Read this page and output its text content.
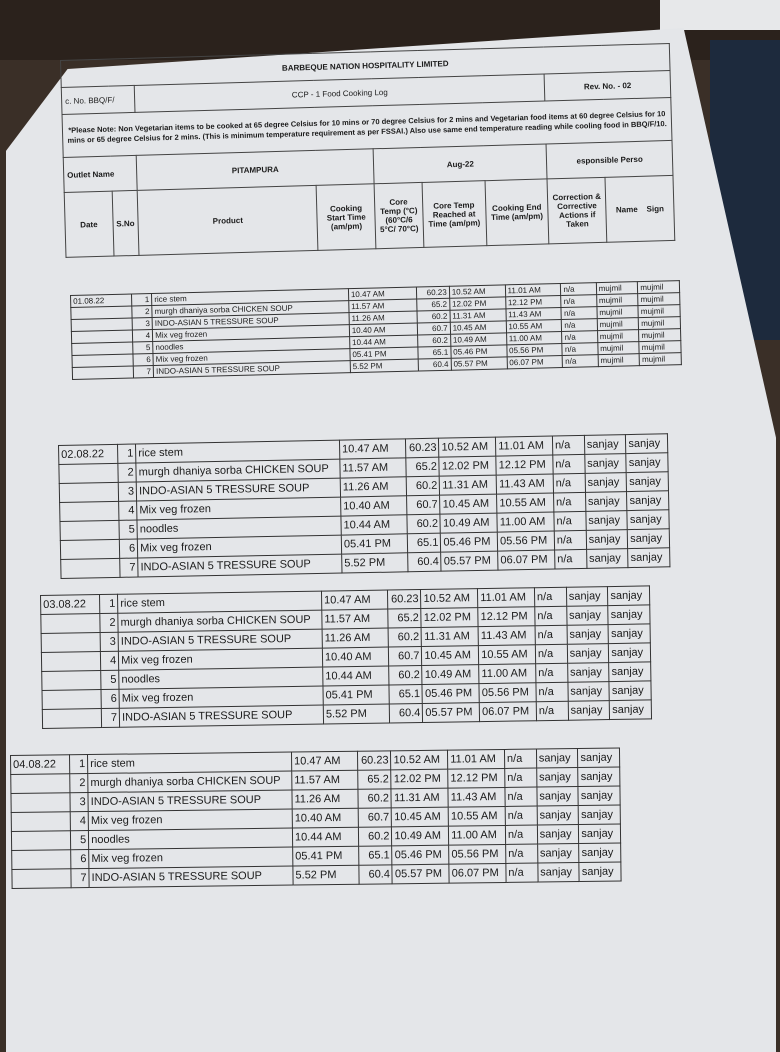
BARBEQUE NATION HOSPITALITY LIMITED								
c. No. BBQ/F/		CCP - 1 Food Cooking Log					Rev. No. - 02	
*Please Note: Non Vegetarian items to be cooked at 65 degree Celsius for 10 mins or 70 degree Celsius for 2 mins and Vegetarian food items at 60 degree Celsius for 10 mins or 65 degree Celsius for 2 mins. (This is minimum temperature requirement as per FSSAI.) Also use same end temperature reading while cooling food in BBQ/F/10.								
Outlet Name		PITAMPURA		Aug-22			esponsible Perso	
Date	S.No	Product	Cooking Start Time (am/pm)	Core Temp (°C) (60°C/6 5°C/ 70°C)	Core Temp Reached at Time (am/pm)	Cooking End Time (am/pm)	Correction & Corrective Actions if Taken	Name Sign
01.08.22	1	rice stem	10.47 AM	60.23	10.52 AM	11.01 AM	n/a	mujmil	mujmil
	2	murgh dhaniya sorba CHICKEN SOUP	11.57 AM	65.2	12.02 PM	12.12 PM	n/a	mujmil	mujmil
	3	INDO-ASIAN 5 TRESSURE SOUP	11.26 AM	60.2	11.31 AM	11.43 AM	n/a	mujmil	mujmil
	4	Mix veg frozen	10.40 AM	60.7	10.45 AM	10.55 AM	n/a	mujmil	mujmil
	5	noodles	10.44 AM	60.2	10.49 AM	11.00 AM	n/a	mujmil	mujmil
	6	Mix veg frozen	05.41 PM	65.1	05.46 PM	05.56 PM	n/a	mujmil	mujmil
	7	INDO-ASIAN 5 TRESSURE SOUP	5.52 PM	60.4	05.57 PM	06.07 PM	n/a	mujmil	mujmil
02.08.22	1	rice stem	10.47 AM	60.23	10.52 AM	11.01 AM	n/a	sanjay	sanjay
	2	murgh dhaniya sorba CHICKEN SOUP	11.57 AM	65.2	12.02 PM	12.12 PM	n/a	sanjay	sanjay
	3	INDO-ASIAN 5 TRESSURE SOUP	11.26 AM	60.2	11.31 AM	11.43 AM	n/a	sanjay	sanjay
	4	Mix veg frozen	10.40 AM	60.7	10.45 AM	10.55 AM	n/a	sanjay	sanjay
	5	noodles	10.44 AM	60.2	10.49 AM	11.00 AM	n/a	sanjay	sanjay
	6	Mix veg frozen	05.41 PM	65.1	05.46 PM	05.56 PM	n/a	sanjay	sanjay
	7	INDO-ASIAN 5 TRESSURE SOUP	5.52 PM	60.4	05.57 PM	06.07 PM	n/a	sanjay	sanjay
03.08.22	1	rice stem	10.47 AM	60.23	10.52 AM	11.01 AM	n/a	sanjay	sanjay
	2	murgh dhaniya sorba CHICKEN SOUP	11.57 AM	65.2	12.02 PM	12.12 PM	n/a	sanjay	sanjay
	3	INDO-ASIAN 5 TRESSURE SOUP	11.26 AM	60.2	11.31 AM	11.43 AM	n/a	sanjay	sanjay
	4	Mix veg frozen	10.40 AM	60.7	10.45 AM	10.55 AM	n/a	sanjay	sanjay
	5	noodles	10.44 AM	60.2	10.49 AM	11.00 AM	n/a	sanjay	sanjay
	6	Mix veg frozen	05.41 PM	65.1	05.46 PM	05.56 PM	n/a	sanjay	sanjay
	7	INDO-ASIAN 5 TRESSURE SOUP	5.52 PM	60.4	05.57 PM	06.07 PM	n/a	sanjay	sanjay
04.08.22	1	rice stem	10.47 AM	60.23	10.52 AM	11.01 AM	n/a	sanjay	sanjay
	2	murgh dhaniya sorba CHICKEN SOUP	11.57 AM	65.2	12.02 PM	12.12 PM	n/a	sanjay	sanjay
	3	INDO-ASIAN 5 TRESSURE SOUP	11.26 AM	60.2	11.31 AM	11.43 AM	n/a	sanjay	sanjay
	4	Mix veg frozen	10.40 AM	60.7	10.45 AM	10.55 AM	n/a	sanjay	sanjay
	5	noodles	10.44 AM	60.2	10.49 AM	11.00 AM	n/a	sanjay	sanjay
	6	Mix veg frozen	05.41 PM	65.1	05.46 PM	05.56 PM	n/a	sanjay	sanjay
	7	INDO-ASIAN 5 TRESSURE SOUP	5.52 PM	60.4	05.57 PM	06.07 PM	n/a	sanjay	sanjay
